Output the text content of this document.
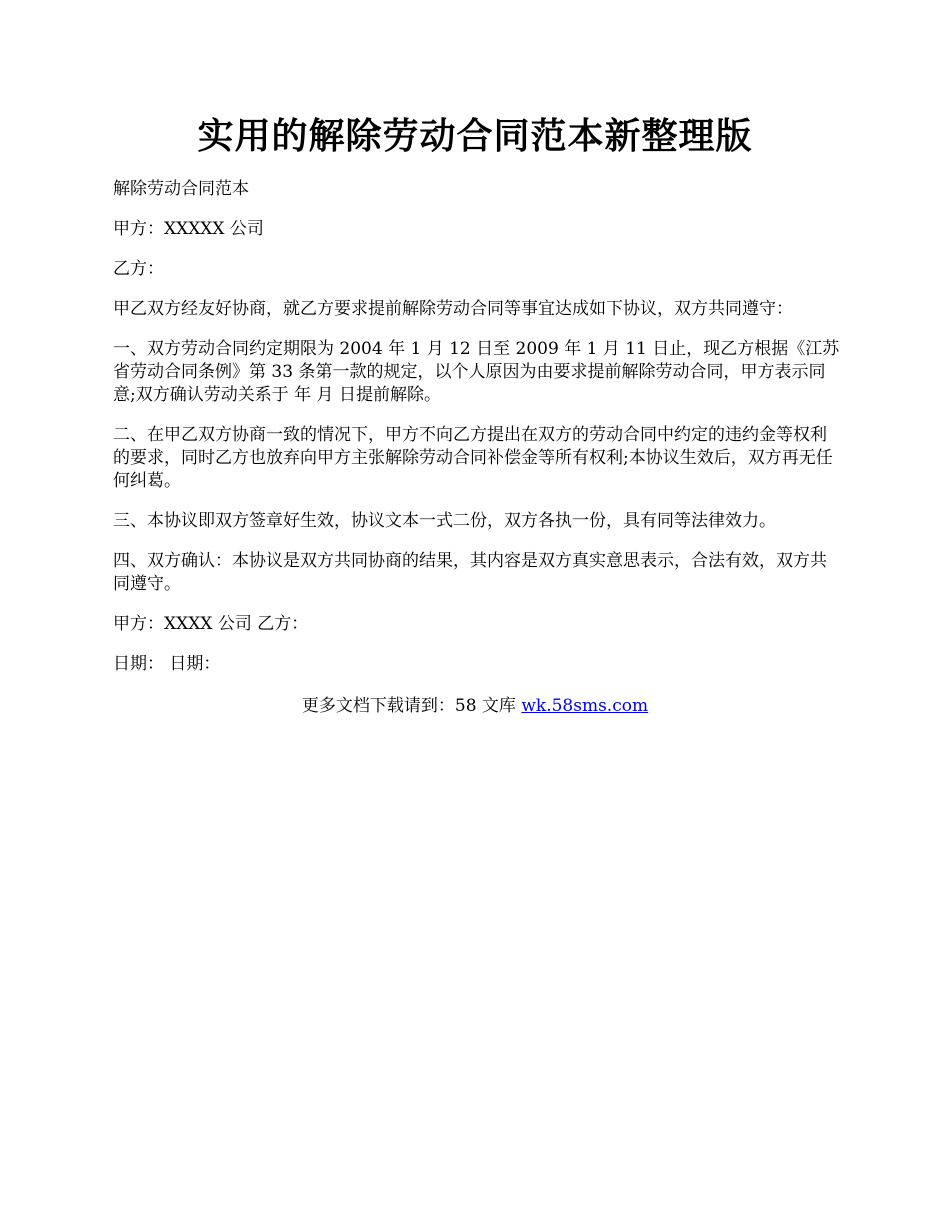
实用的解除劳动合同范本新整理版

解除劳动合同范本

甲方：XXXXX 公司

乙方：

甲乙双方经友好协商，就乙方要求提前解除劳动合同等事宜达成如下协议，双方共同遵守：

一、双方劳动合同约定期限为 2004 年 1 月 12 日至 2009 年 1 月 11 日止，现乙方根据《江苏省劳动合同条例》第 33 条第一款的规定，以个人原因为由要求提前解除劳动合同，甲方表示同意;双方确认劳动关系于 年 月 日提前解除。

二、在甲乙双方协商一致的情况下，甲方不向乙方提出在双方的劳动合同中约定的违约金等权利的要求，同时乙方也放弃向甲方主张解除劳动合同补偿金等所有权利;本协议生效后，双方再无任何纠葛。

三、本协议即双方签章好生效，协议文本一式二份，双方各执一份，具有同等法律效力。

四、双方确认：本协议是双方共同协商的结果，其内容是双方真实意思表示，合法有效，双方共同遵守。

甲方：XXXX 公司 乙方：

日期： 日期：

更多文档下载请到：58 文库 wk.58sms.com
